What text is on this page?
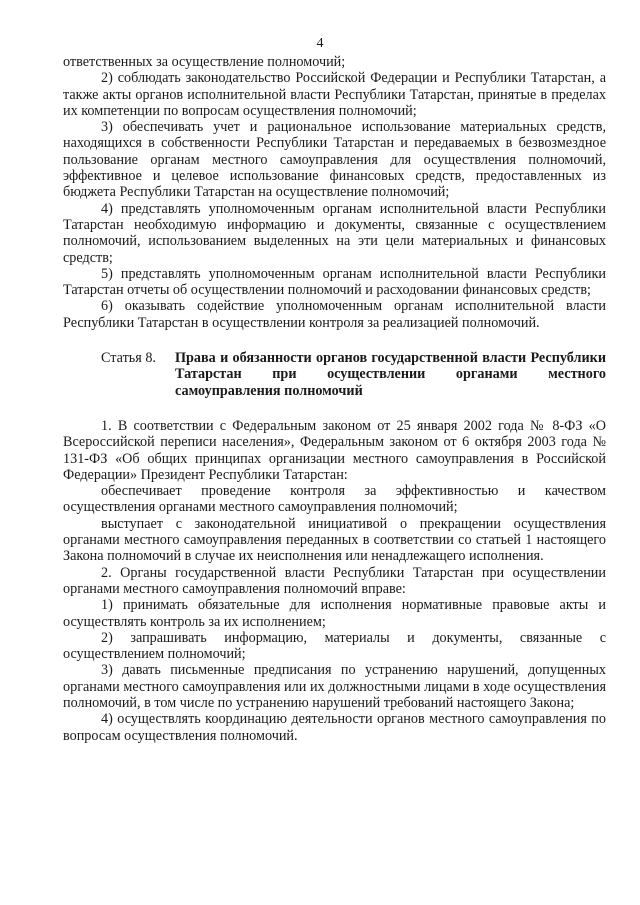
4

ответственных за осуществление полномочий;

2) соблюдать законодательство Российской Федерации и Республики Татарстан, а также акты органов исполнительной власти Республики Татарстан, принятые в пределах их компетенции по вопросам осуществления полномочий;

3) обеспечивать учет и рациональное использование материальных средств, находящихся в собственности Республики Татарстан и передаваемых в безвозмездное пользование органам местного самоуправления для осуществления полномочий, эффективное и целевое использование финансовых средств, предоставленных из бюджета Республики Татарстан на осуществление полномочий;

4) представлять уполномоченным органам исполнительной власти Республики Татарстан необходимую информацию и документы, связанные с осуществлением полномочий, использованием выделенных на эти цели материальных и финансовых средств;

5) представлять уполномоченным органам исполнительной власти Республики Татарстан отчеты об осуществлении полномочий и расходовании финансовых средств;

6) оказывать содействие уполномоченным органам исполнительной власти Республики Татарстан в осуществлении контроля за реализацией полномочий.

Статья 8.	Права и обязанности органов государственной власти Республики Татарстан при осуществлении органами местного самоуправления полномочий

1. В соответствии с Федеральным законом от 25 января 2002 года № 8-ФЗ «О Всероссийской переписи населения», Федеральным законом от 6 октября 2003 года № 131-ФЗ «Об общих принципах организации местного самоуправления в Российской Федерации» Президент Республики Татарстан:

обеспечивает проведение контроля за эффективностью и качеством осуществления органами местного самоуправления полномочий;

выступает с законодательной инициативой о прекращении осуществления органами местного самоуправления переданных в соответствии со статьей 1 настоящего Закона полномочий в случае их неисполнения или ненадлежащего исполнения.

2. Органы государственной власти Республики Татарстан при осуществлении органами местного самоуправления полномочий вправе:

1) принимать обязательные для исполнения нормативные правовые акты и осуществлять контроль за их исполнением;

2) запрашивать информацию, материалы и документы, связанные с осуществлением полномочий;

3) давать письменные предписания по устранению нарушений, допущенных органами местного самоуправления или их должностными лицами в ходе осуществления полномочий, в том числе по устранению нарушений требований настоящего Закона;

4) осуществлять координацию деятельности органов местного самоуправления по вопросам осуществления полномочий.
